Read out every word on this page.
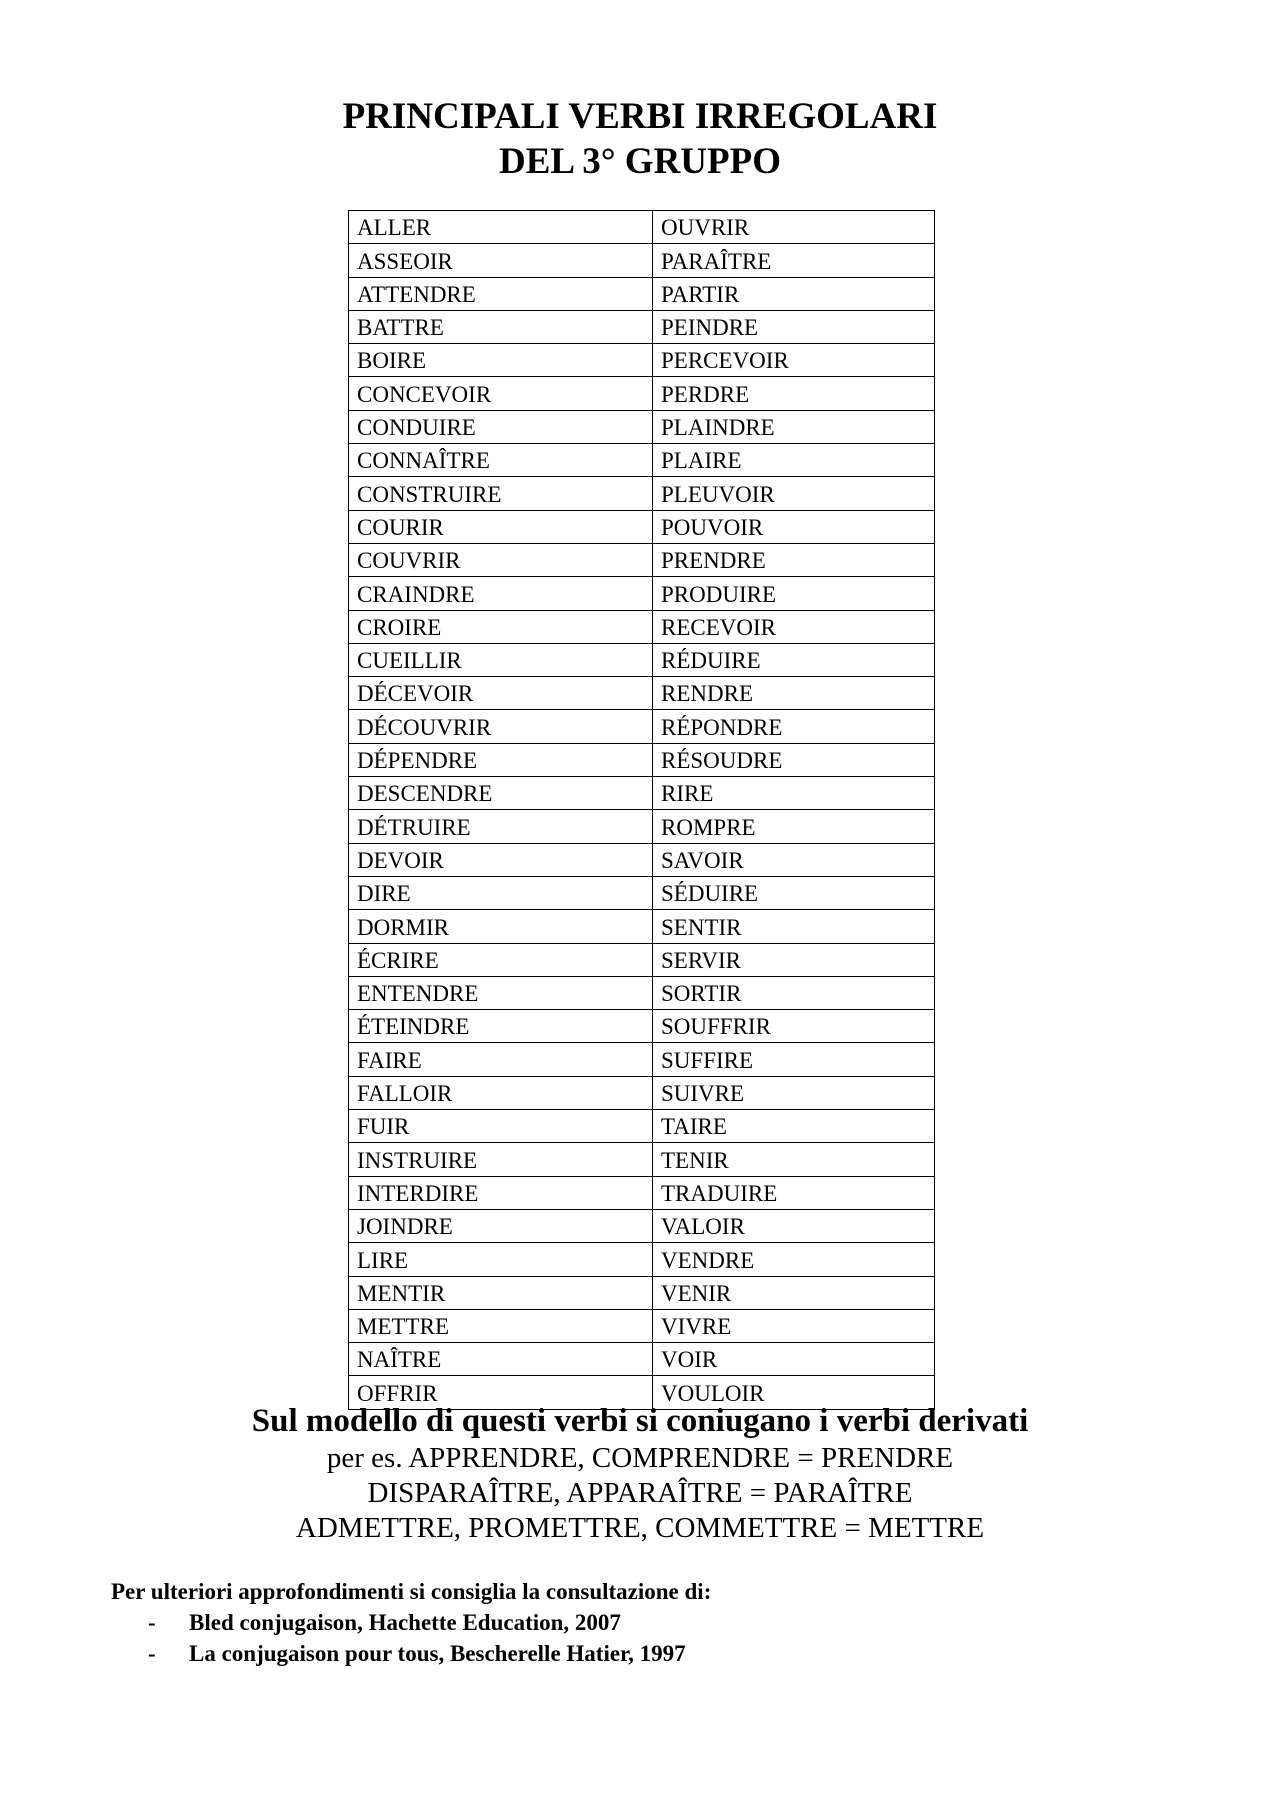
PRINCIPALI VERBI IRREGOLARI
DEL 3° GRUPPO
ALLER	OUVRIR
ASSEOIR	PARAÎTRE
ATTENDRE	PARTIR
BATTRE	PEINDRE
BOIRE	PERCEVOIR
CONCEVOIR	PERDRE
CONDUIRE	PLAINDRE
CONNAÎTRE	PLAIRE
CONSTRUIRE	PLEUVOIR
COURIR	POUVOIR
COUVRIR	PRENDRE
CRAINDRE	PRODUIRE
CROIRE	RECEVOIR
CUEILLIR	RÉDUIRE
DÉCEVOIR	RENDRE
DÉCOUVRIR	RÉPONDRE
DÉPENDRE	RÉSOUDRE
DESCENDRE	RIRE
DÉTRUIRE	ROMPRE
DEVOIR	SAVOIR
DIRE	SÉDUIRE
DORMIR	SENTIR
ÉCRIRE	SERVIR
ENTENDRE	SORTIR
ÉTEINDRE	SOUFFRIR
FAIRE	SUFFIRE
FALLOIR	SUIVRE
FUIR	TAIRE
INSTRUIRE	TENIR
INTERDIRE	TRADUIRE
JOINDRE	VALOIR
LIRE	VENDRE
MENTIR	VENIR
METTRE	VIVRE
NAÎTRE	VOIR
OFFRIR	VOULOIR
Sul modello di questi verbi si coniugano i verbi derivati
per es. APPRENDRE, COMPRENDRE = PRENDRE
DISPARAÎTRE, APPARAÎTRE = PARAÎTRE
ADMETTRE, PROMETTRE, COMMETTRE = METTRE
Per ulteriori approfondimenti si consiglia la consultazione di:
- Bled conjugaison, Hachette Education, 2007
- La conjugaison pour tous, Bescherelle Hatier, 1997
